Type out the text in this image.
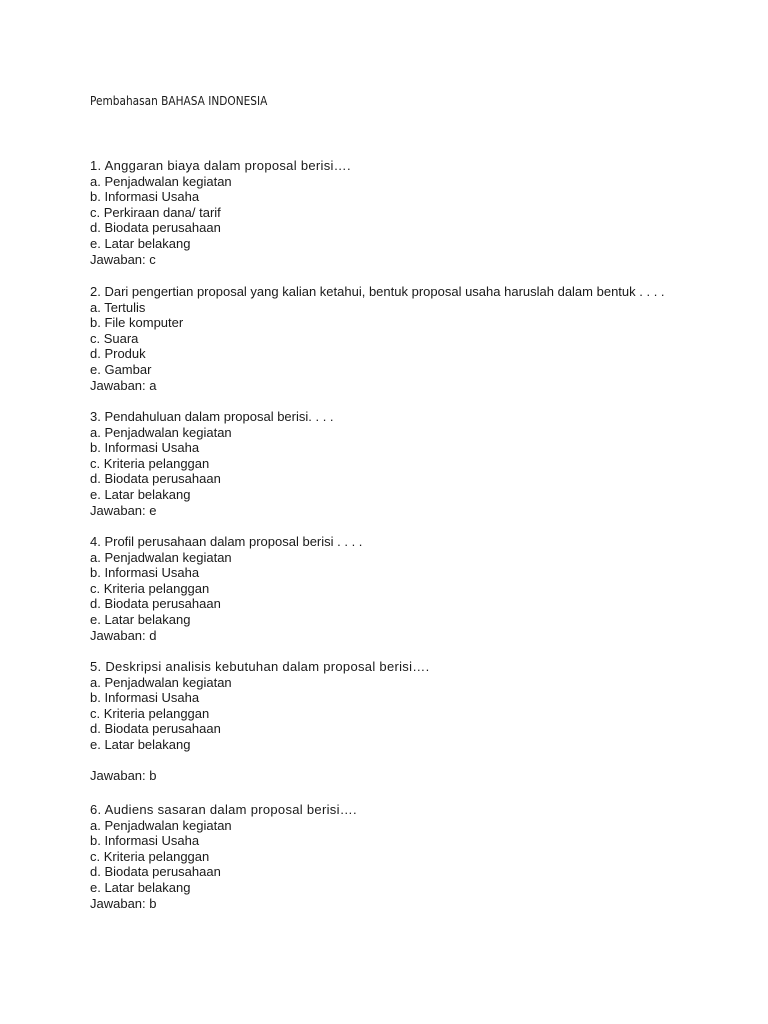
Pembahasan BAHASA INDONESIA
1. Anggaran biaya dalam proposal berisi….
a. Penjadwalan kegiatan
b. Informasi Usaha
c. Perkiraan dana/ tarif
d. Biodata perusahaan
e. Latar belakang
Jawaban: c
2. Dari pengertian proposal yang kalian ketahui, bentuk proposal usaha haruslah dalam bentuk . . . .
a. Tertulis
b. File komputer
c. Suara
d. Produk
e. Gambar
Jawaban: a
3. Pendahuluan dalam proposal berisi. . . .
a. Penjadwalan kegiatan
b. Informasi Usaha
c. Kriteria pelanggan
d. Biodata perusahaan
e. Latar belakang
Jawaban: e
4. Profil perusahaan dalam proposal berisi . . . .
a. Penjadwalan kegiatan
b. Informasi Usaha
c. Kriteria pelanggan
d. Biodata perusahaan
e. Latar belakang
Jawaban: d
5. Deskripsi analisis kebutuhan dalam proposal berisi….
a. Penjadwalan kegiatan
b. Informasi Usaha
c. Kriteria pelanggan
d. Biodata perusahaan
e. Latar belakang
Jawaban: b
6. Audiens sasaran dalam proposal berisi….
a. Penjadwalan kegiatan
b. Informasi Usaha
c. Kriteria pelanggan
d. Biodata perusahaan
e. Latar belakang
Jawaban: b
